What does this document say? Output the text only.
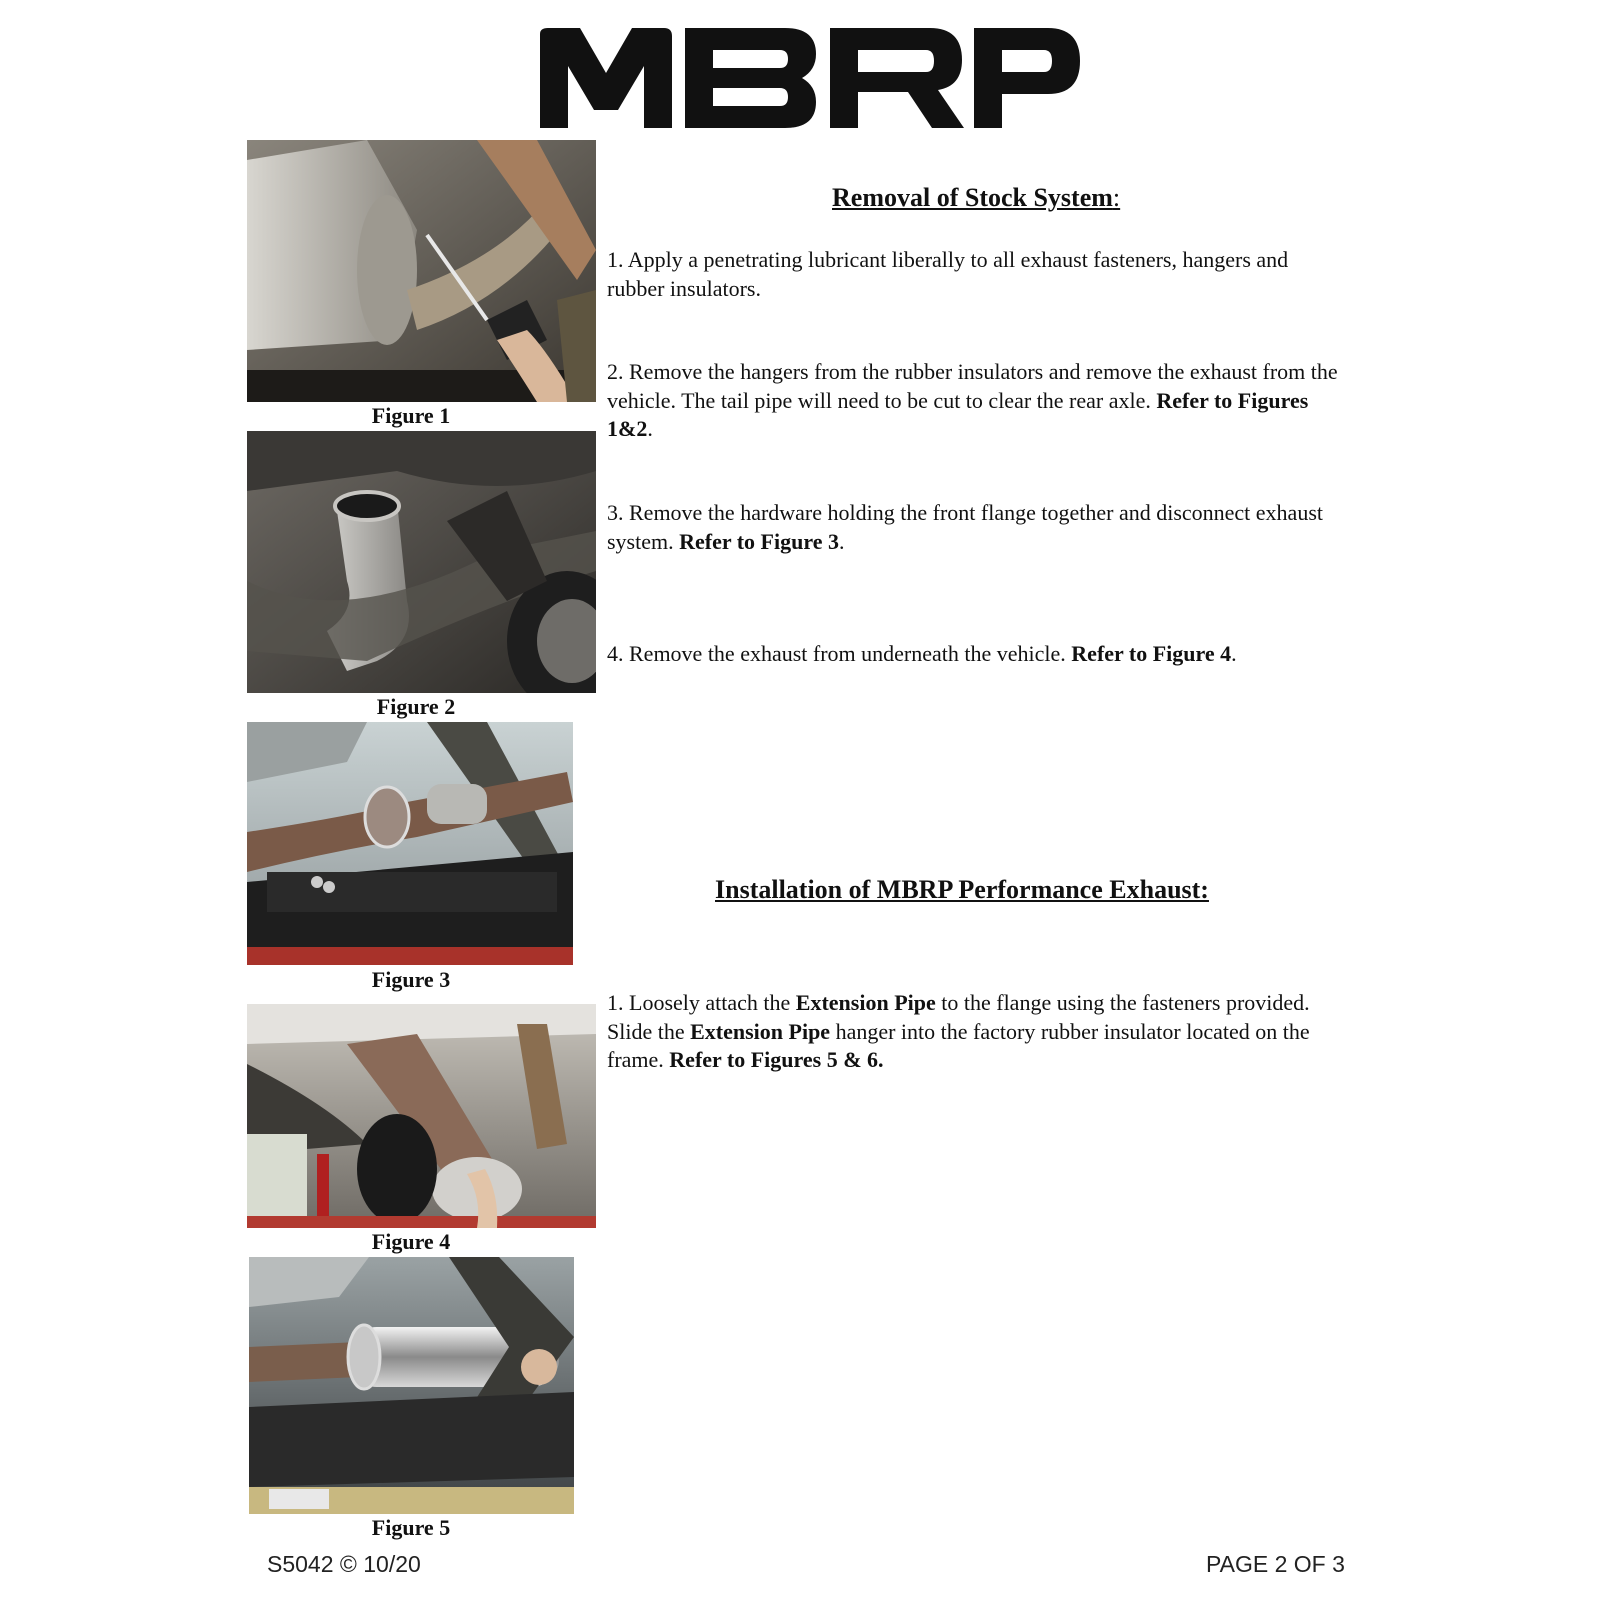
Figure 1
Figure 2
Figure 3
Figure 4
Figure 5
Removal of Stock System:
1. Apply a penetrating lubricant liberally to all exhaust fasteners, hangers and rubber insulators.
2. Remove the hangers from the rubber insulators and remove the exhaust from the vehicle. The tail pipe will need to be cut to clear the rear axle. Refer to Figures 1&2.
3. Remove the hardware holding the front flange together and disconnect exhaust system. Refer to Figure 3.
4. Remove the exhaust from underneath the vehicle. Refer to Figure 4.
Installation of MBRP Performance Exhaust:
1. Loosely attach the Extension Pipe to the flange using the fasteners provided. Slide the Extension Pipe hanger into the factory rubber insulator located on the frame. Refer to Figures 5 & 6.
S5042 © 10/20	PAGE 2 OF 3
